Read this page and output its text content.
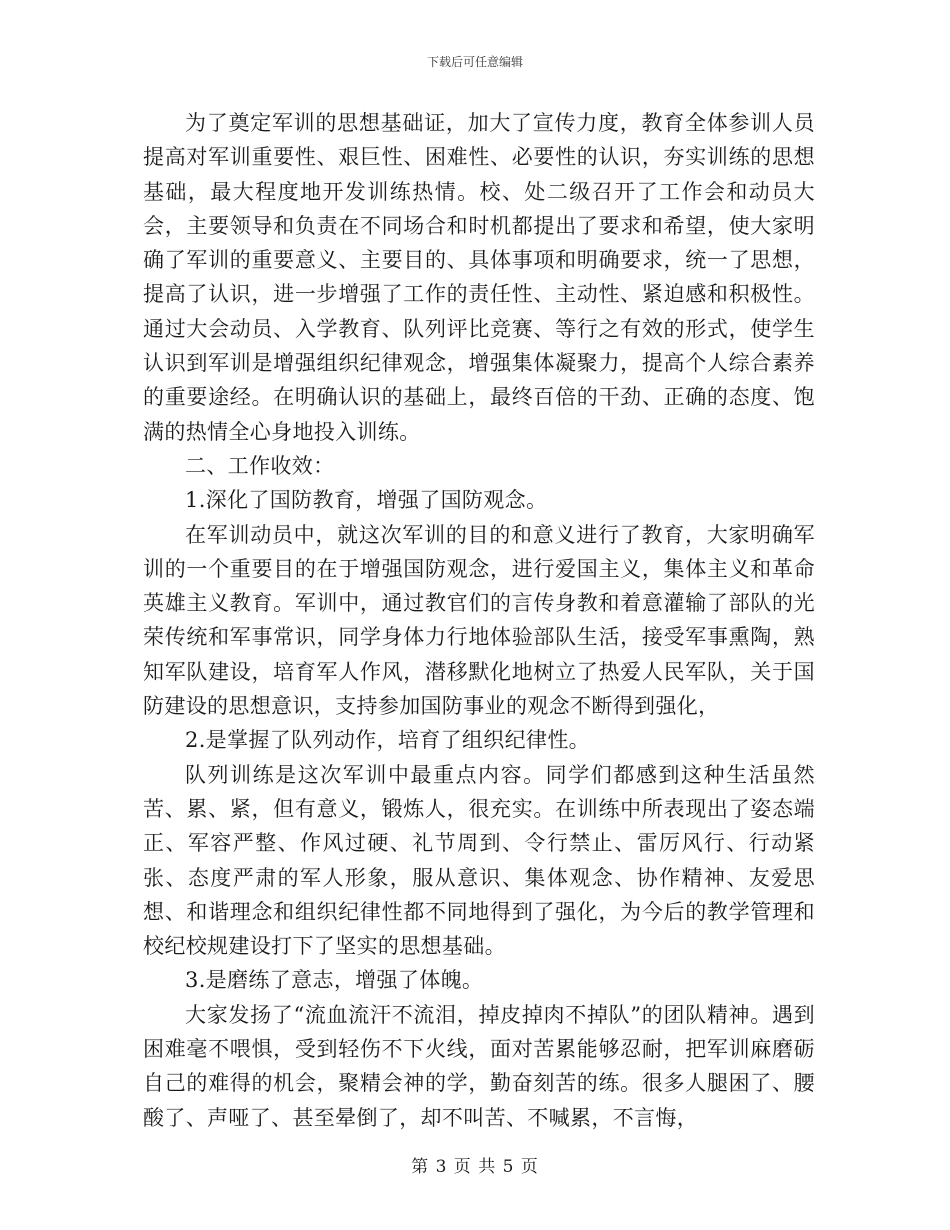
下载后可任意编辑

为了奠定军训的思想基础证，加大了宣传力度，教育全体参训人员提高对军训重要性、艰巨性、困难性、必要性的认识，夯实训练的思想基础，最大程度地开发训练热情。校、处二级召开了工作会和动员大会，主要领导和负责在不同场合和时机都提出了要求和希望，使大家明确了军训的重要意义、主要目的、具体事项和明确要求，统一了思想，提高了认识，进一步增强了工作的责任性、主动性、紧迫感和积极性。通过大会动员、入学教育、队列评比竞赛、等行之有效的形式，使学生认识到军训是增强组织纪律观念，增强集体凝聚力，提高个人综合素养的重要途经。在明确认识的基础上，最终百倍的干劲、正确的态度、饱满的热情全心身地投入训练。

二、工作收效：

1.深化了国防教育，增强了国防观念。

在军训动员中，就这次军训的目的和意义进行了教育，大家明确军训的一个重要目的在于增强国防观念，进行爱国主义，集体主义和革命英雄主义教育。军训中，通过教官们的言传身教和着意灌输了部队的光荣传统和军事常识，同学身体力行地体验部队生活，接受军事熏陶，熟知军队建设，培育军人作风，潜移默化地树立了热爱人民军队，关于国防建设的思想意识，支持参加国防事业的观念不断得到强化，

2.是掌握了队列动作，培育了组织纪律性。

队列训练是这次军训中最重点内容。同学们都感到这种生活虽然苦、累、紧，但有意义，锻炼人，很充实。在训练中所表现出了姿态端正、军容严整、作风过硬、礼节周到、令行禁止、雷厉风行、行动紧张、态度严肃的军人形象，服从意识、集体观念、协作精神、友爱思想、和谐理念和组织纪律性都不同地得到了强化，为今后的教学管理和校纪校规建设打下了坚实的思想基础。

3.是磨练了意志，增强了体魄。

大家发扬了“流血流汗不流泪，掉皮掉肉不掉队”的团队精神。遇到困难毫不喂惧，受到轻伤不下火线，面对苦累能够忍耐，把军训麻磨砺自己的难得的机会，聚精会神的学，勤奋刻苦的练。很多人腿困了、腰酸了、声哑了、甚至晕倒了，却不叫苦、不喊累，不言悔，

第 3 页 共 5 页
